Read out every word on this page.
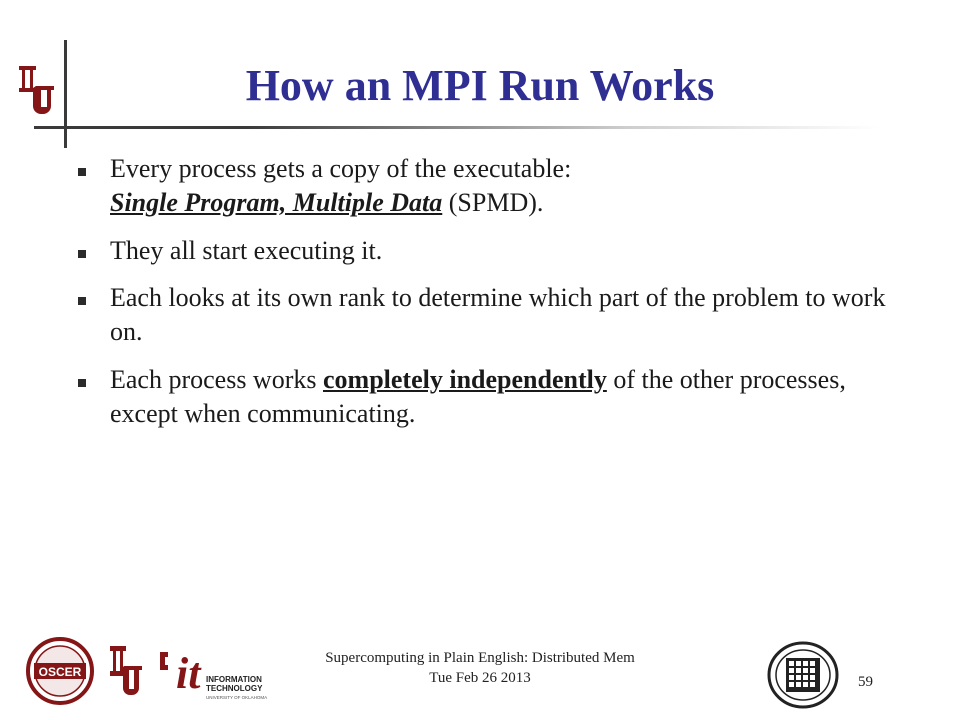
How an MPI Run Works
Every process gets a copy of the executable:
Single Program, Multiple Data (SPMD).
They all start executing it.
Each looks at its own rank to determine which part of the problem to work on.
Each process works completely independently of the other processes, except when communicating.
OSCER it INFORMATION
TECHNOLOGY
UNIVERSITY OF OKLAHOMA
Supercomputing in Plain English: Distributed Mem
Tue Feb 26 2013	59
